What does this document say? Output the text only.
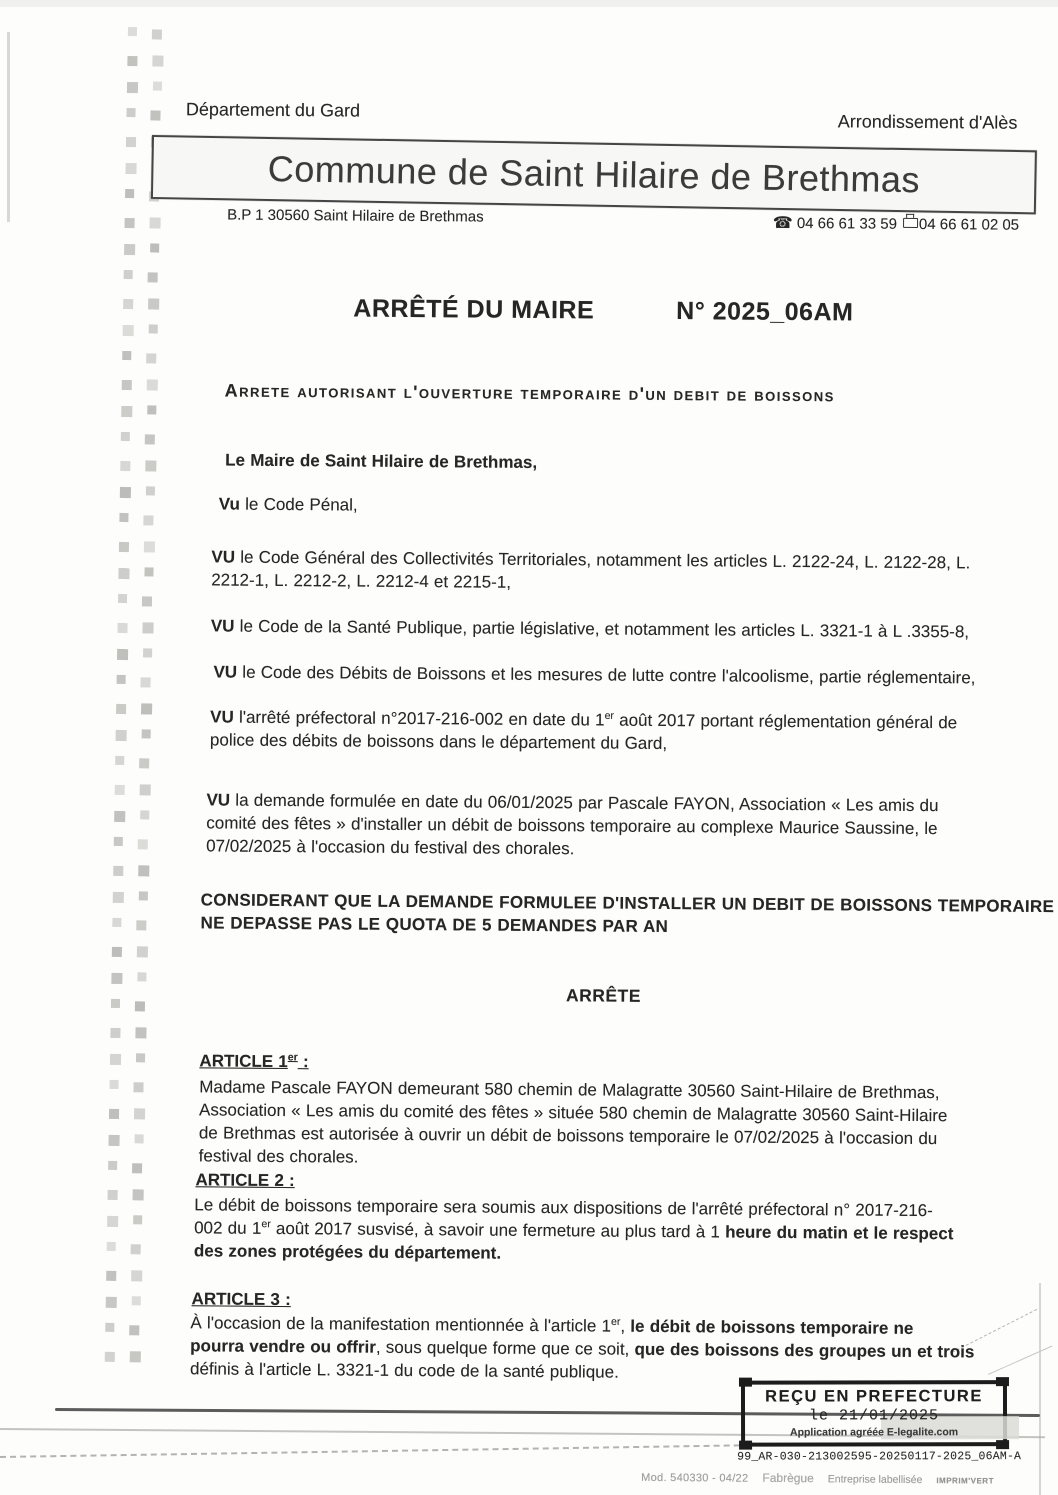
Département du Gard
Arrondissement d'Alès
Commune de Saint Hilaire de Brethmas
B.P 1 30560 Saint Hilaire de Brethmas	☎ 04 66 61 33 59 04 66 61 02 05
ARRÊTÉ DU MAIRE	N° 2025_06AM
Arrete autorisant l'ouverture temporaire d'un debit de boissons
Le Maire de Saint Hilaire de Brethmas,
Vu le Code Pénal,
VU le Code Général des Collectivités Territoriales, notamment les articles L. 2122-24, L. 2122-28, L.
2212-1, L. 2212-2, L. 2212-4 et 2215-1,
VU le Code de la Santé Publique, partie législative, et notamment les articles L. 3321-1 à L .3355-8,
VU le Code des Débits de Boissons et les mesures de lutte contre l'alcoolisme, partie réglementaire,
VU l'arrêté préfectoral n°2017-216-002 en date du 1er août 2017 portant réglementation général de
police des débits de boissons dans le département du Gard,
VU la demande formulée en date du 06/01/2025 par Pascale FAYON, Association « Les amis du
comité des fêtes » d'installer un débit de boissons temporaire au complexe Maurice Saussine, le
07/02/2025 à l'occasion du festival des chorales.
CONSIDERANT QUE LA DEMANDE FORMULEE D'INSTALLER UN DEBIT DE BOISSONS TEMPORAIRE
NE DEPASSE PAS LE QUOTA DE 5 DEMANDES PAR AN
ARRÊTE
ARTICLE 1er :
Madame Pascale FAYON demeurant 580 chemin de Malagratte 30560 Saint-Hilaire de Brethmas,
Association « Les amis du comité des fêtes » située 580 chemin de Malagratte 30560 Saint-Hilaire
de Brethmas est autorisée à ouvrir un débit de boissons temporaire le 07/02/2025 à l'occasion du
festival des chorales.
ARTICLE 2 :
Le débit de boissons temporaire sera soumis aux dispositions de l'arrêté préfectoral n° 2017-216-
002 du 1er août 2017 susvisé, à savoir une fermeture au plus tard à 1 heure du matin et le respect
des zones protégées du département.
ARTICLE 3 :
À l'occasion de la manifestation mentionnée à l'article 1er, le débit de boissons temporaire ne
pourra vendre ou offrir, sous quelque forme que ce soit, que des boissons des groupes un et trois
définis à l'article L. 3321-1 du code de la santé publique.
REÇU EN PREFECTURE
le 21/01/2025
Application agréée E-legalite.com
99_AR-030-213002595-20250117-2025_06AM-A
Mod. 540330 - 04/22 Fabrègue Entreprise labellisée IMPRIM'VERT
